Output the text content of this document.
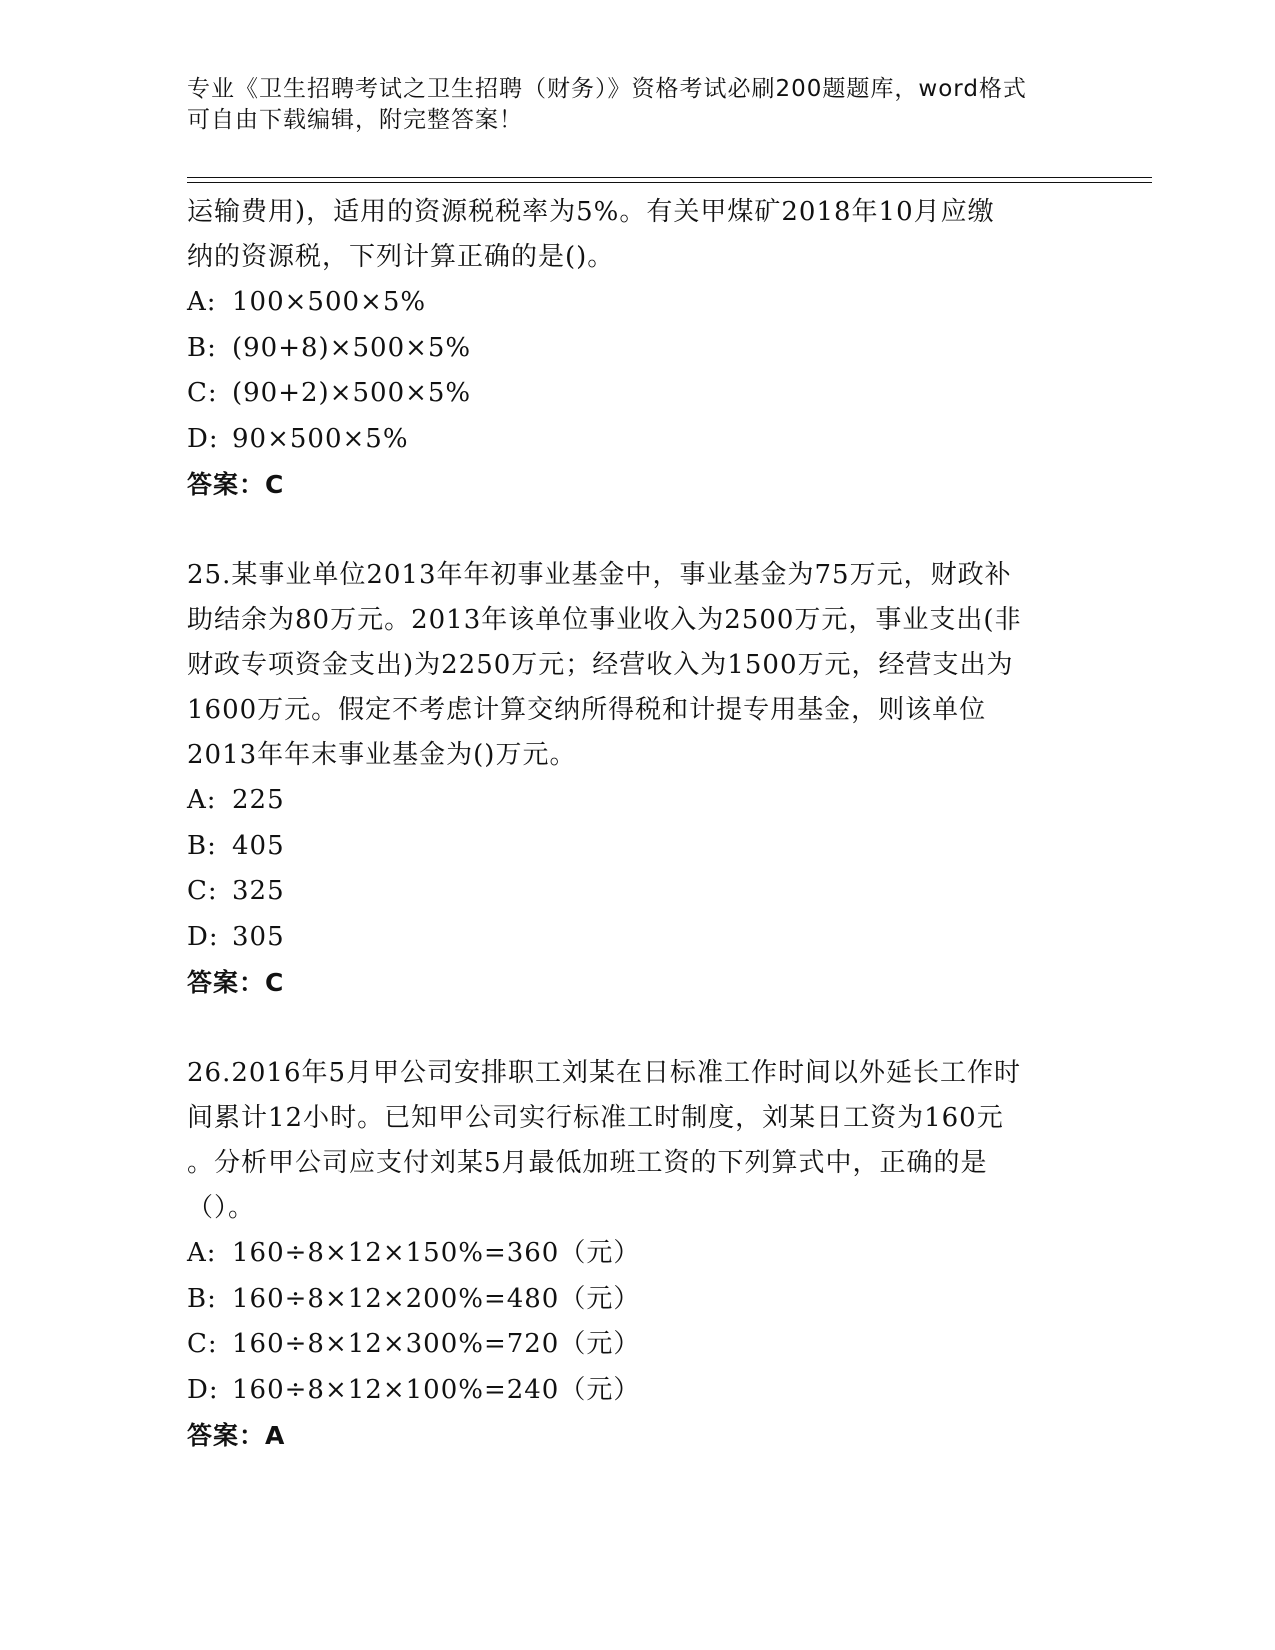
专业《卫生招聘考试之卫生招聘（财务）》资格考试必刷200题题库，word格式
可自由下载编辑，附完整答案！

运输费用)，适用的资源税税率为5%。有关甲煤矿2018年10月应缴

纳的资源税，下列计算正确的是()。

A: 100×500×5%

B: (90+8)×500×5%

C: (90+2)×500×5%

D: 90×500×5%

答案：C

25.某事业单位2013年年初事业基金中，事业基金为75万元，财政补

助结余为80万元。2013年该单位事业收入为2500万元，事业支出(非

财政专项资金支出)为2250万元；经营收入为1500万元，经营支出为

1600万元。假定不考虑计算交纳所得税和计提专用基金，则该单位

2013年年末事业基金为()万元。

A: 225

B: 405

C: 325

D: 305

答案：C

26.2016年5月甲公司安排职工刘某在日标准工作时间以外延长工作时

间累计12小时。已知甲公司实行标准工时制度，刘某日工资为160元

。分析甲公司应支付刘某5月最低加班工资的下列算式中，正确的是

（）。

A: 160÷8×12×150%=360（元）

B: 160÷8×12×200%=480（元）

C: 160÷8×12×300%=720（元）

D: 160÷8×12×100%=240（元）

答案：A
